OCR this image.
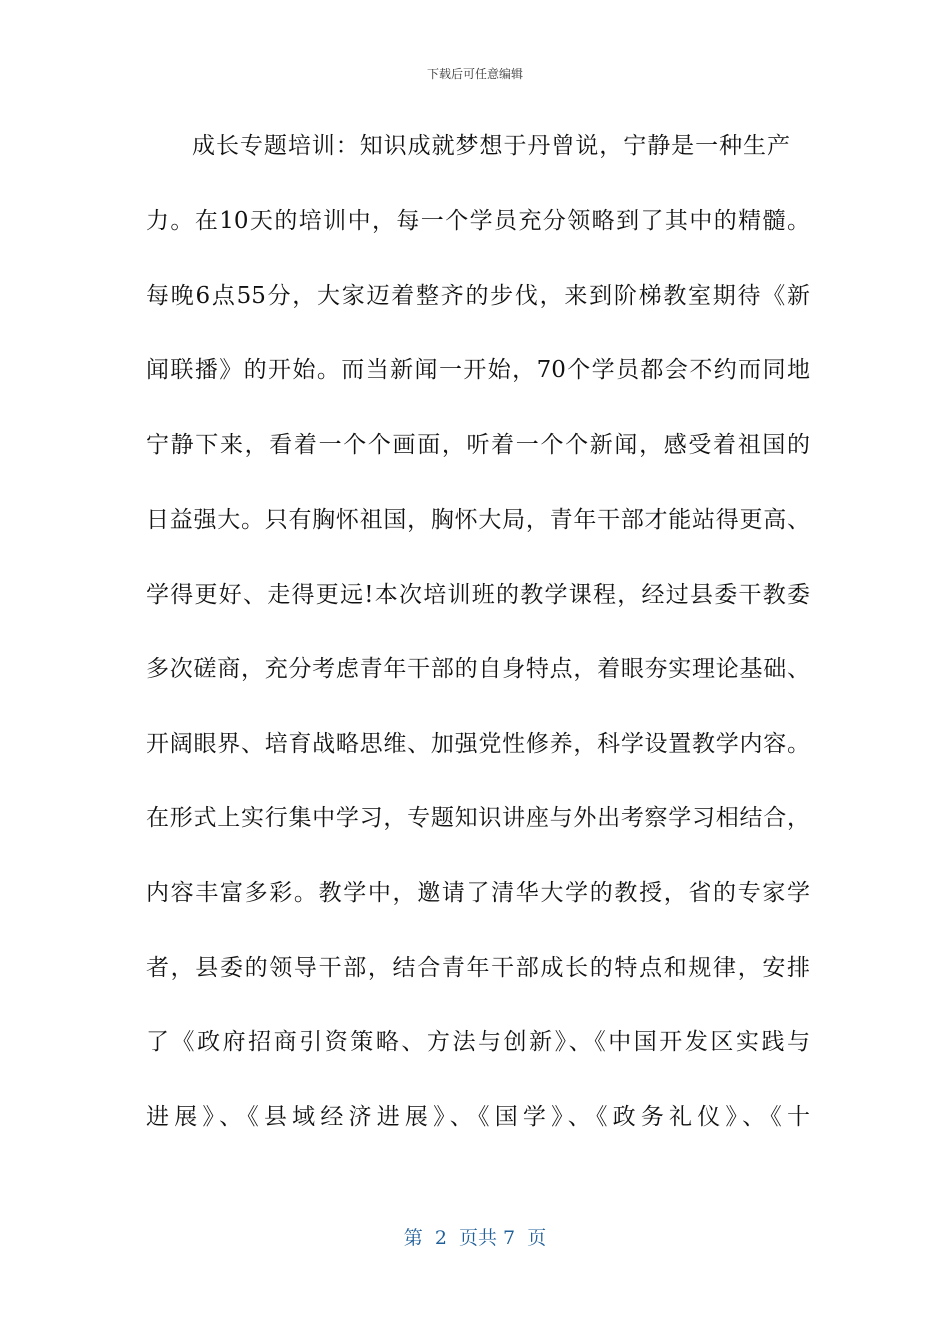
下载后可任意编辑
成长专题培训：知识成就梦想于丹曾说，宁静是一种生产
力。在10天的培训中，每一个学员充分领略到了其中的精髓。
每晚6点55分，大家迈着整齐的步伐，来到阶梯教室期待《新
闻联播》的开始。而当新闻一开始，70个学员都会不约而同地
宁静下来，看着一个个画面，听着一个个新闻，感受着祖国的
日益强大。只有胸怀祖国，胸怀大局，青年干部才能站得更高、
学得更好、走得更远!本次培训班的教学课程，经过县委干教委
多次磋商，充分考虑青年干部的自身特点，着眼夯实理论基础、
开阔眼界、培育战略思维、加强党性修养，科学设置教学内容。
在形式上实行集中学习，专题知识讲座与外出考察学习相结合，
内容丰富多彩。教学中，邀请了清华大学的教授，省的专家学
者，县委的领导干部，结合青年干部成长的特点和规律，安排
了《政府招商引资策略、方法与创新》、《中国开发区实践与
进展》、《县域经济进展》、《国学》、《政务礼仪》、《十
第  2  页共 7  页
